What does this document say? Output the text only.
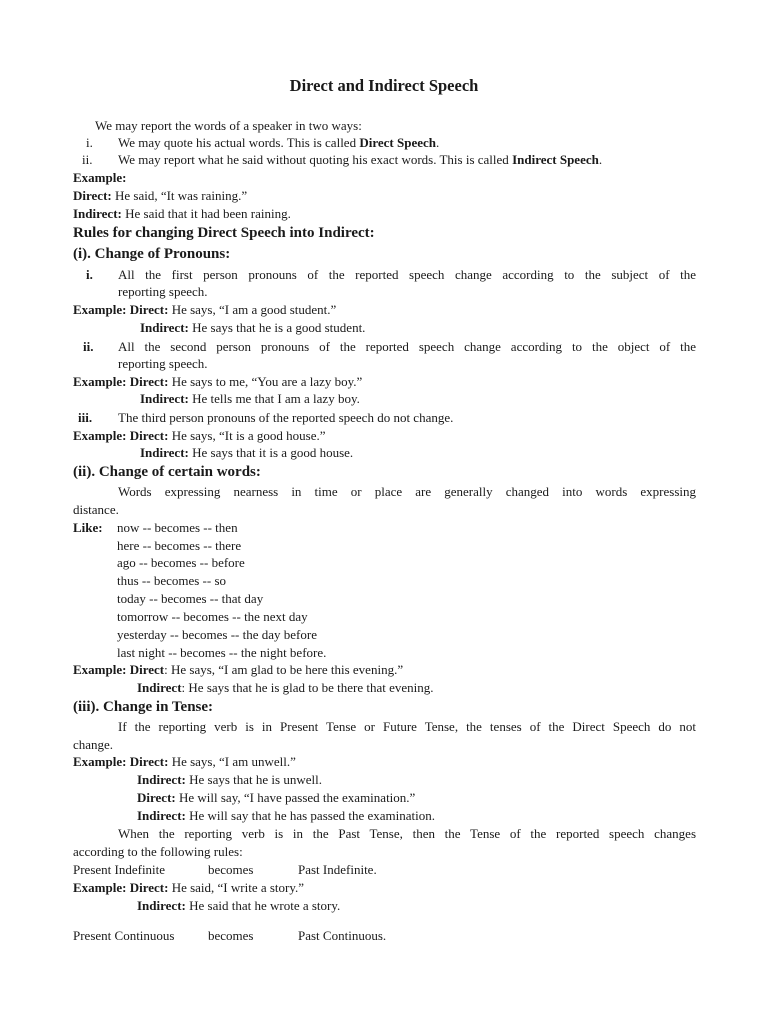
Direct and Indirect Speech
We may report the words of a speaker in two ways:
i. We may quote his actual words. This is called Direct Speech.
ii. We may report what he said without quoting his exact words. This is called Indirect Speech.
Example:
Direct: He said, “It was raining.”
Indirect: He said that it had been raining.
Rules for changing Direct Speech into Indirect:
(i). Change of Pronouns:
i. All the first person pronouns of the reported speech change according to the subject of the
reporting speech.
Example: Direct: He says, “I am a good student.”
Indirect: He says that he is a good student.
ii. All the second person pronouns of the reported speech change according to the object of the
reporting speech.
Example: Direct: He says to me, “You are a lazy boy.”
Indirect: He tells me that I am a lazy boy.
iii. The third person pronouns of the reported speech do not change.
Example: Direct: He says, “It is a good house.”
Indirect: He says that it is a good house.
(ii). Change of certain words:
Words expressing nearness in time or place are generally changed into words expressing
distance.
Like: now -- becomes -- then
here -- becomes -- there
ago -- becomes -- before
thus -- becomes -- so
today -- becomes -- that day
tomorrow -- becomes -- the next day
yesterday -- becomes -- the day before
last night -- becomes -- the night before.
Example: Direct: He says, “I am glad to be here this evening.”
Indirect: He says that he is glad to be there that evening.
(iii). Change in Tense:
If the reporting verb is in Present Tense or Future Tense, the tenses of the Direct Speech do not
change.
Example: Direct: He says, “I am unwell.”
Indirect: He says that he is unwell.
Direct: He will say, “I have passed the examination.”
Indirect: He will say that he has passed the examination.
When the reporting verb is in the Past Tense, then the Tense of the reported speech changes
according to the following rules:
Present Indefinite	becomes	Past Indefinite.
Example: Direct: He said, “I write a story.”
Indirect: He said that he wrote a story.
Present Continuous	becomes	Past Continuous.
